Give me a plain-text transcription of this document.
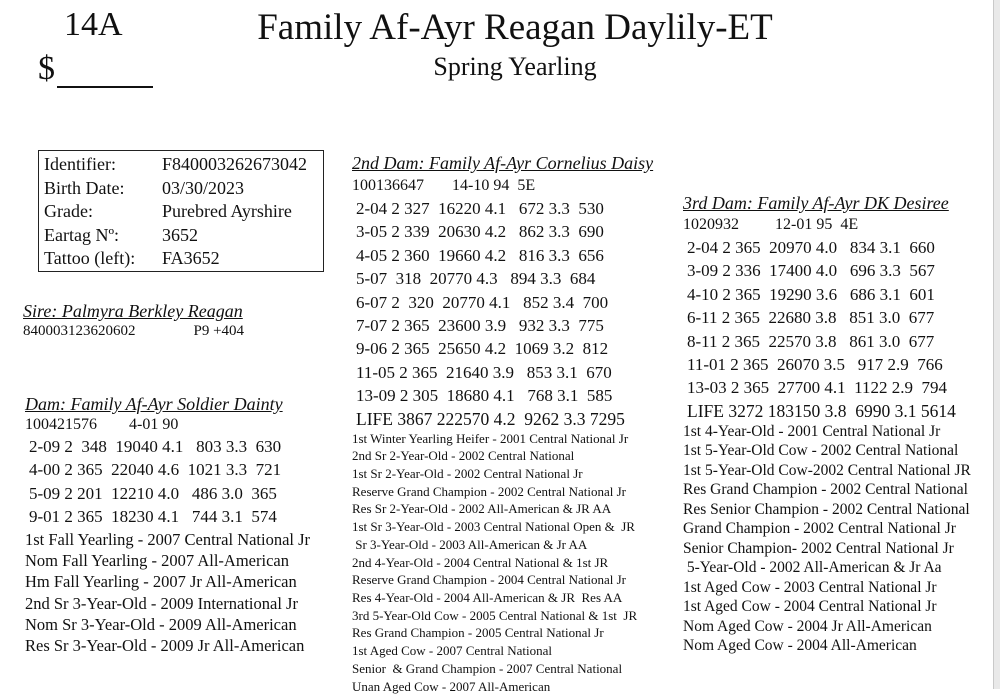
14A
$
Family Af-Ayr Reagan Daylily-ET
Spring Yearling
Identifier:	F840003262673042
Birth Date: 03/30/2023
Grade:	Purebred Ayrshire
Eartag Nº: 3652
Tattoo (left): FA3652
Sire: Palmyra Berkley Reagan
840003123620602	P9 +404
Dam: Family Af-Ayr Soldier Dainty
100421576        4-01 90
2-09 2  348  19040 4.1   803 3.3  630
4-00 2 365  22040 4.6  1021 3.3  721
5-09 2 201  12210 4.0   486 3.0  365
9-01 2 365  18230 4.1   744 3.1  574
1st Fall Yearling - 2007 Central National Jr
Nom Fall Yearling - 2007 All-American
Hm Fall Yearling - 2007 Jr All-American
2nd Sr 3-Year-Old - 2009 International Jr
Nom Sr 3-Year-Old - 2009 All-American
Res Sr 3-Year-Old - 2009 Jr All-American
2nd Dam: Family Af-Ayr Cornelius Daisy
100136647       14-10 94  5E
2-04 2 327  16220 4.1   672 3.3  530
3-05 2 339  20630 4.2   862 3.3  690
4-05 2 360  19660 4.2   816 3.3  656
5-07  318  20770 4.3   894 3.3  684
6-07 2  320  20770 4.1   852 3.4  700
7-07 2 365  23600 3.9   932 3.3  775
9-06 2 365  25650 4.2  1069 3.2  812
11-05 2 365  21640 3.9   853 3.1  670
13-09 2 305  18680 4.1   768 3.1  585
LIFE 3867 222570 4.2  9262 3.3 7295
1st Winter Yearling Heifer - 2001 Central National Jr
2nd Sr 2-Year-Old - 2002 Central National
1st Sr 2-Year-Old - 2002 Central National Jr
Reserve Grand Champion - 2002 Central National Jr
Res Sr 2-Year-Old - 2002 All-American & JR AA
1st Sr 3-Year-Old - 2003 Central National Open &  JR
Sr 3-Year-Old - 2003 All-American & Jr AA
2nd 4-Year-Old - 2004 Central National & 1st JR
Reserve Grand Champion - 2004 Central National Jr
Res 4-Year-Old - 2004 All-American & JR  Res AA
3rd 5-Year-Old Cow - 2005 Central National & 1st  JR
Res Grand Champion - 2005 Central National Jr
1st Aged Cow - 2007 Central National
Senior  & Grand Champion - 2007 Central National
Unan Aged Cow - 2007 All-American
3rd Dam: Family Af-Ayr DK Desiree
1020932         12-01 95  4E
2-04 2 365  20970 4.0   834 3.1  660
3-09 2 336  17400 4.0   696 3.3  567
4-10 2 365  19290 3.6   686 3.1  601
6-11 2 365  22680 3.8   851 3.0  677
8-11 2 365  22570 3.8   861 3.0  677
11-01 2 365  26070 3.5   917 2.9  766
13-03 2 365  27700 4.1  1122 2.9  794
LIFE 3272 183150 3.8  6990 3.1 5614
1st 4-Year-Old - 2001 Central National Jr
1st 5-Year-Old Cow - 2002 Central National
1st 5-Year-Old Cow-2002 Central National JR
Res Grand Champion - 2002 Central National
Res Senior Champion - 2002 Central National
Grand Champion - 2002 Central National Jr
Senior Champion- 2002 Central National Jr
5-Year-Old - 2002 All-American & Jr Aa
1st Aged Cow - 2003 Central National Jr
1st Aged Cow - 2004 Central National Jr
Nom Aged Cow - 2004 Jr All-American
Nom Aged Cow - 2004 All-American
